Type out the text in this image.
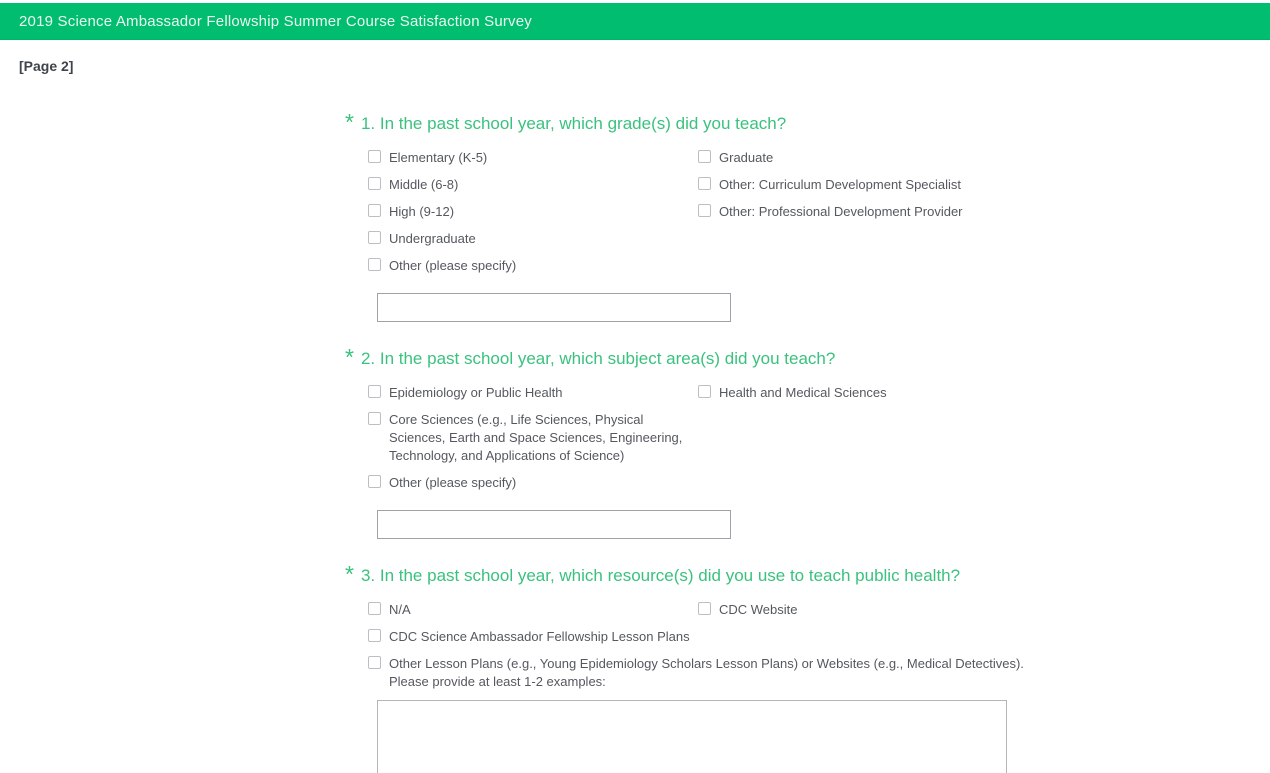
2019 Science Ambassador Fellowship Summer Course Satisfaction Survey
[Page 2]
* 1. In the past school year, which grade(s) did you teach?
Elementary (K-5)
Middle (6-8)
High (9-12)
Undergraduate
Other (please specify)
Graduate
Other: Curriculum Development Specialist
Other: Professional Development Provider
* 2. In the past school year, which subject area(s) did you teach?
Epidemiology or Public Health
Core Sciences (e.g., Life Sciences, Physical Sciences, Earth and Space Sciences, Engineering, Technology, and Applications of Science)
Other (please specify)
Health and Medical Sciences
* 3. In the past school year, which resource(s) did you use to teach public health?
N/A	CDC Website
CDC Science Ambassador Fellowship Lesson Plans
Other Lesson Plans (e.g., Young Epidemiology Scholars Lesson Plans) or Websites (e.g., Medical Detectives). Please provide at least 1-2 examples:
